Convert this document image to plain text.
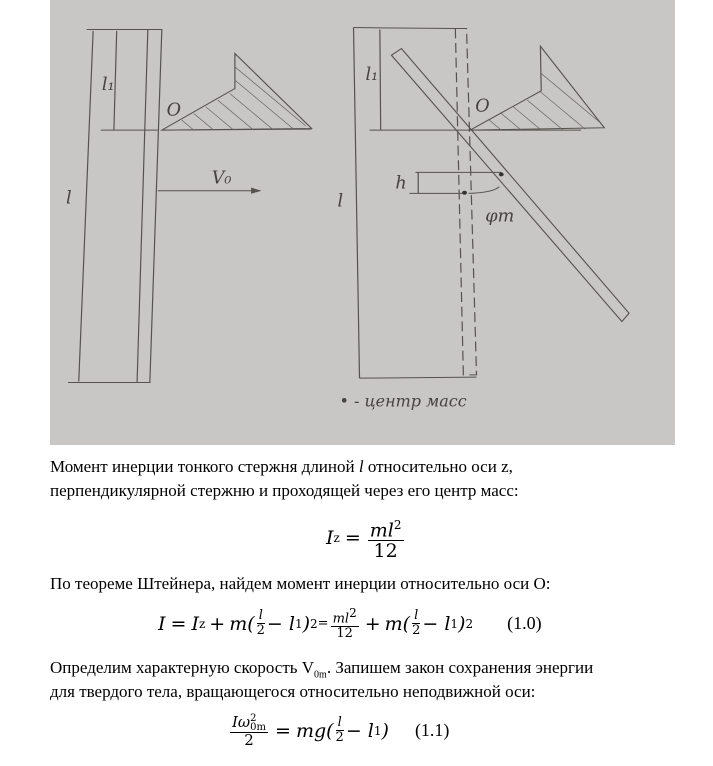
l
l₁
O
V₀
l
l₁
O
h
φm
• - центр масс
Момент инерции тонкого стержня длиной l относительно оси z,
перпендикулярной стержню и проходящей через его центр масс:
I $z = \frac{ml^2}{12}$
По теореме Штейнера, найдем момент инерции относительно оси O:
I = I $z + m( \frac{l}{2} - l$ 1 ) $2 = \frac{ml^2}{12} + m( \frac{l}{2} - l$ 1 ) 2 (1.0)
Определим характерную скорость $V_{0m}$. Запишем закон сохранения энергии
для твердого тела, вращающегося относительно неподвижной оси:
Iω 2
0m
$2 = mg( \frac{l}{2} - l$ 1 ) (1.1)
